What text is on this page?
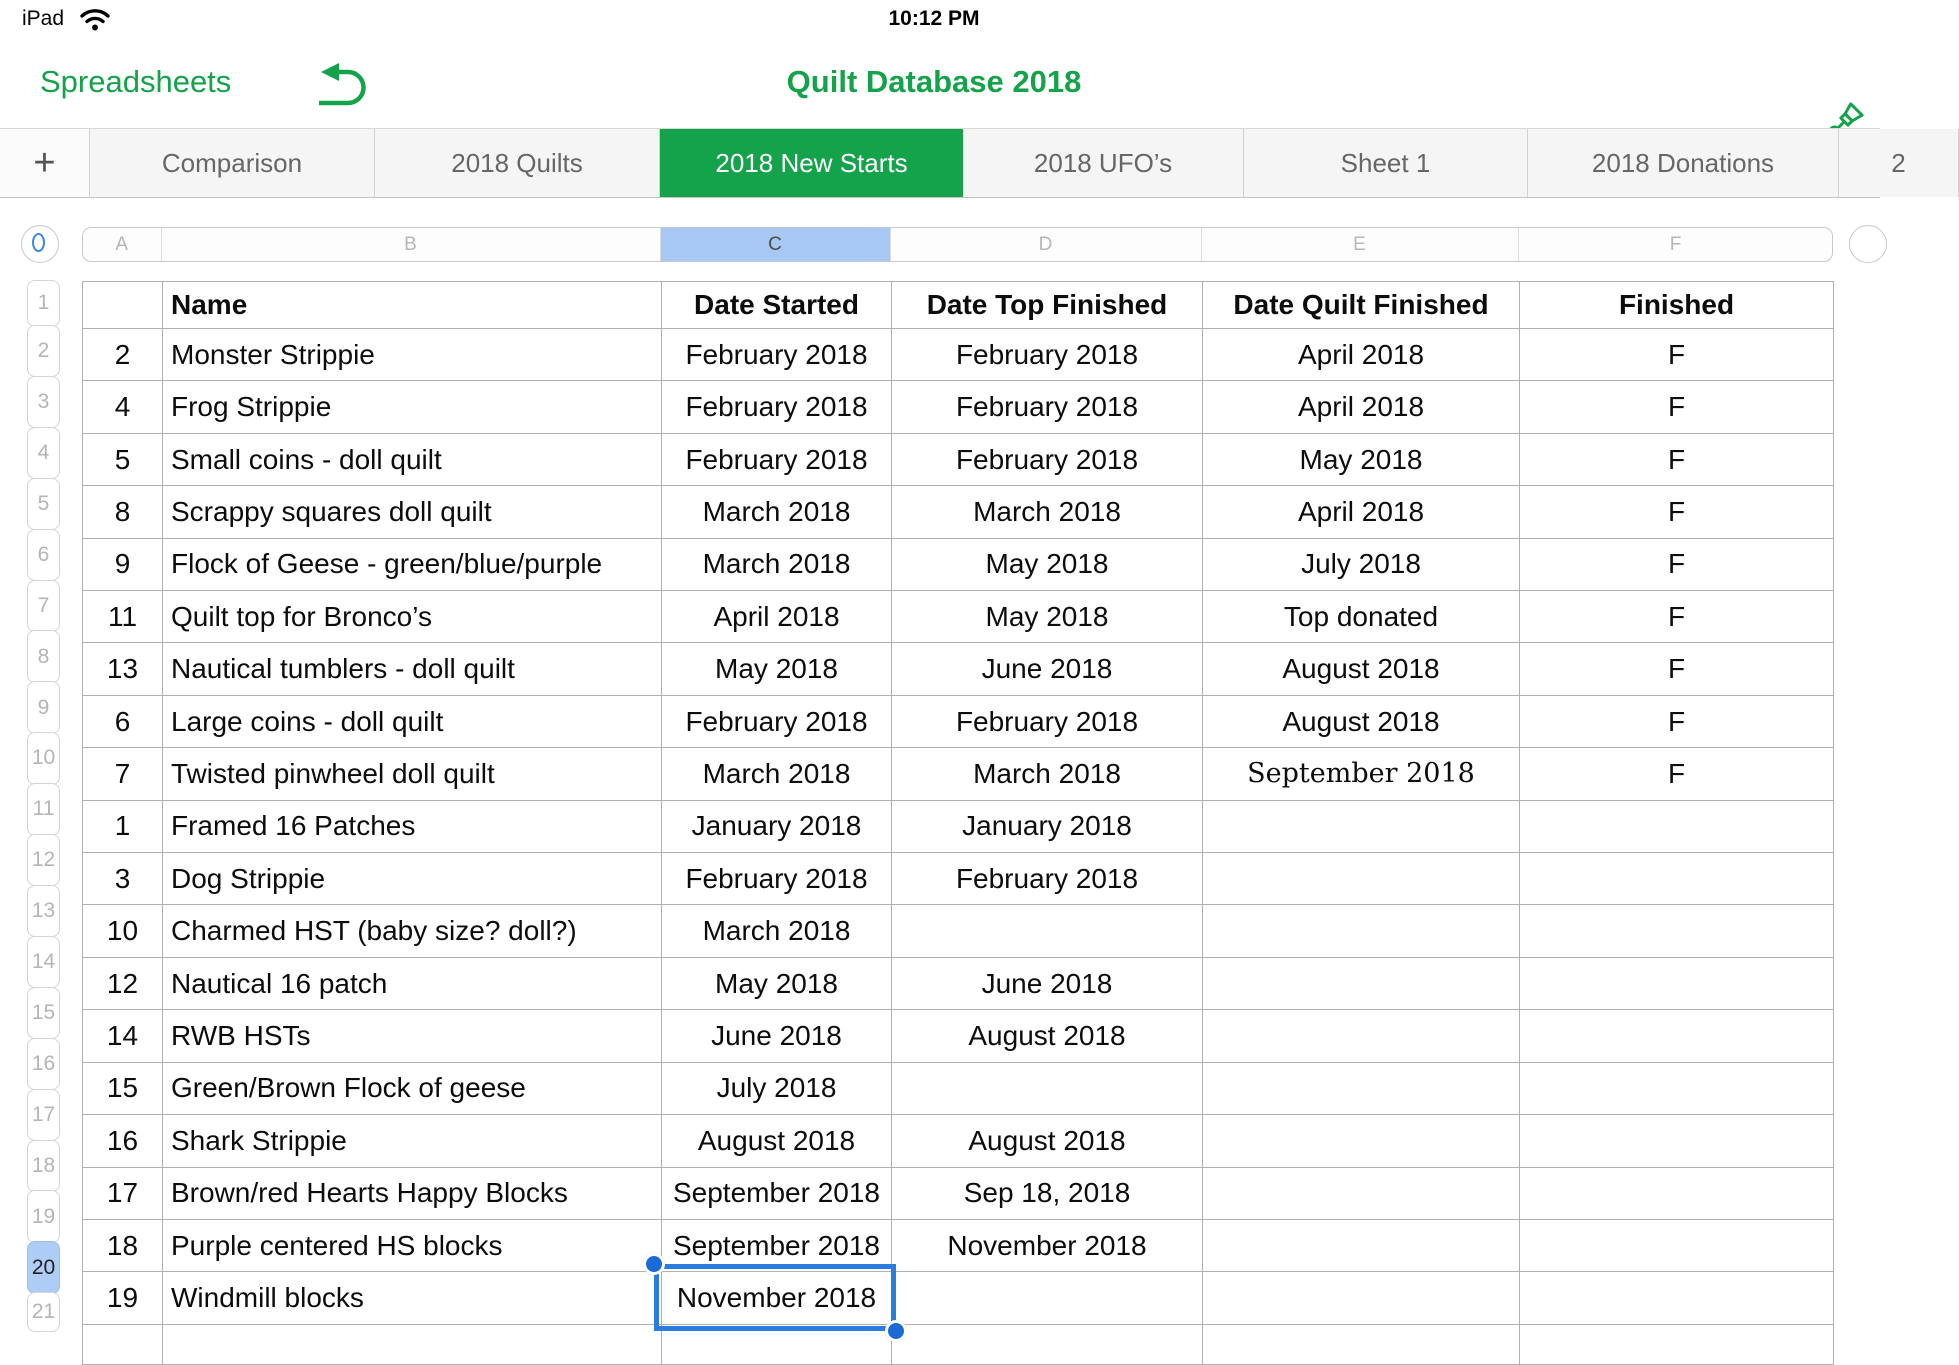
iPad	10:12 PM
Spreadsheets	Quilt Database 2018
+	Comparison	2018 Quilts	2018 New Starts	2018 UFO’s	Sheet 1	2018 Donations	2
A	B	C	D	E	F
1
2
3
4
5
6
7
8
9
10
11
12
13
14
15
16
17
18
19
20
21
	Name	Date Started	Date Top Finished	Date Quilt Finished	Finished
2	Monster Strippie	February 2018	February 2018	April 2018	F
4	Frog Strippie	February 2018	February 2018	April 2018	F
5	Small coins - doll quilt	February 2018	February 2018	May 2018	F
8	Scrappy squares doll quilt	March 2018	March 2018	April 2018	F
9	Flock of Geese - green/blue/purple	March 2018	May 2018	July 2018	F
11	Quilt top for Bronco’s	April 2018	May 2018	Top donated	F
13	Nautical tumblers - doll quilt	May 2018	June 2018	August 2018	F
6	Large coins - doll quilt	February 2018	February 2018	August 2018	F
7	Twisted pinwheel doll quilt	March 2018	March 2018	September 2018	F
1	Framed 16 Patches	January 2018	January 2018		
3	Dog Strippie	February 2018	February 2018		
10	Charmed HST (baby size? doll?)	March 2018			
12	Nautical 16 patch	May 2018	June 2018		
14	RWB HSTs	June 2018	August 2018		
15	Green/Brown Flock of geese	July 2018			
16	Shark Strippie	August 2018	August 2018		
17	Brown/red Hearts Happy Blocks	September 2018	Sep 18, 2018		
18	Purple centered HS blocks	September 2018	November 2018		
19	Windmill blocks	November 2018			
